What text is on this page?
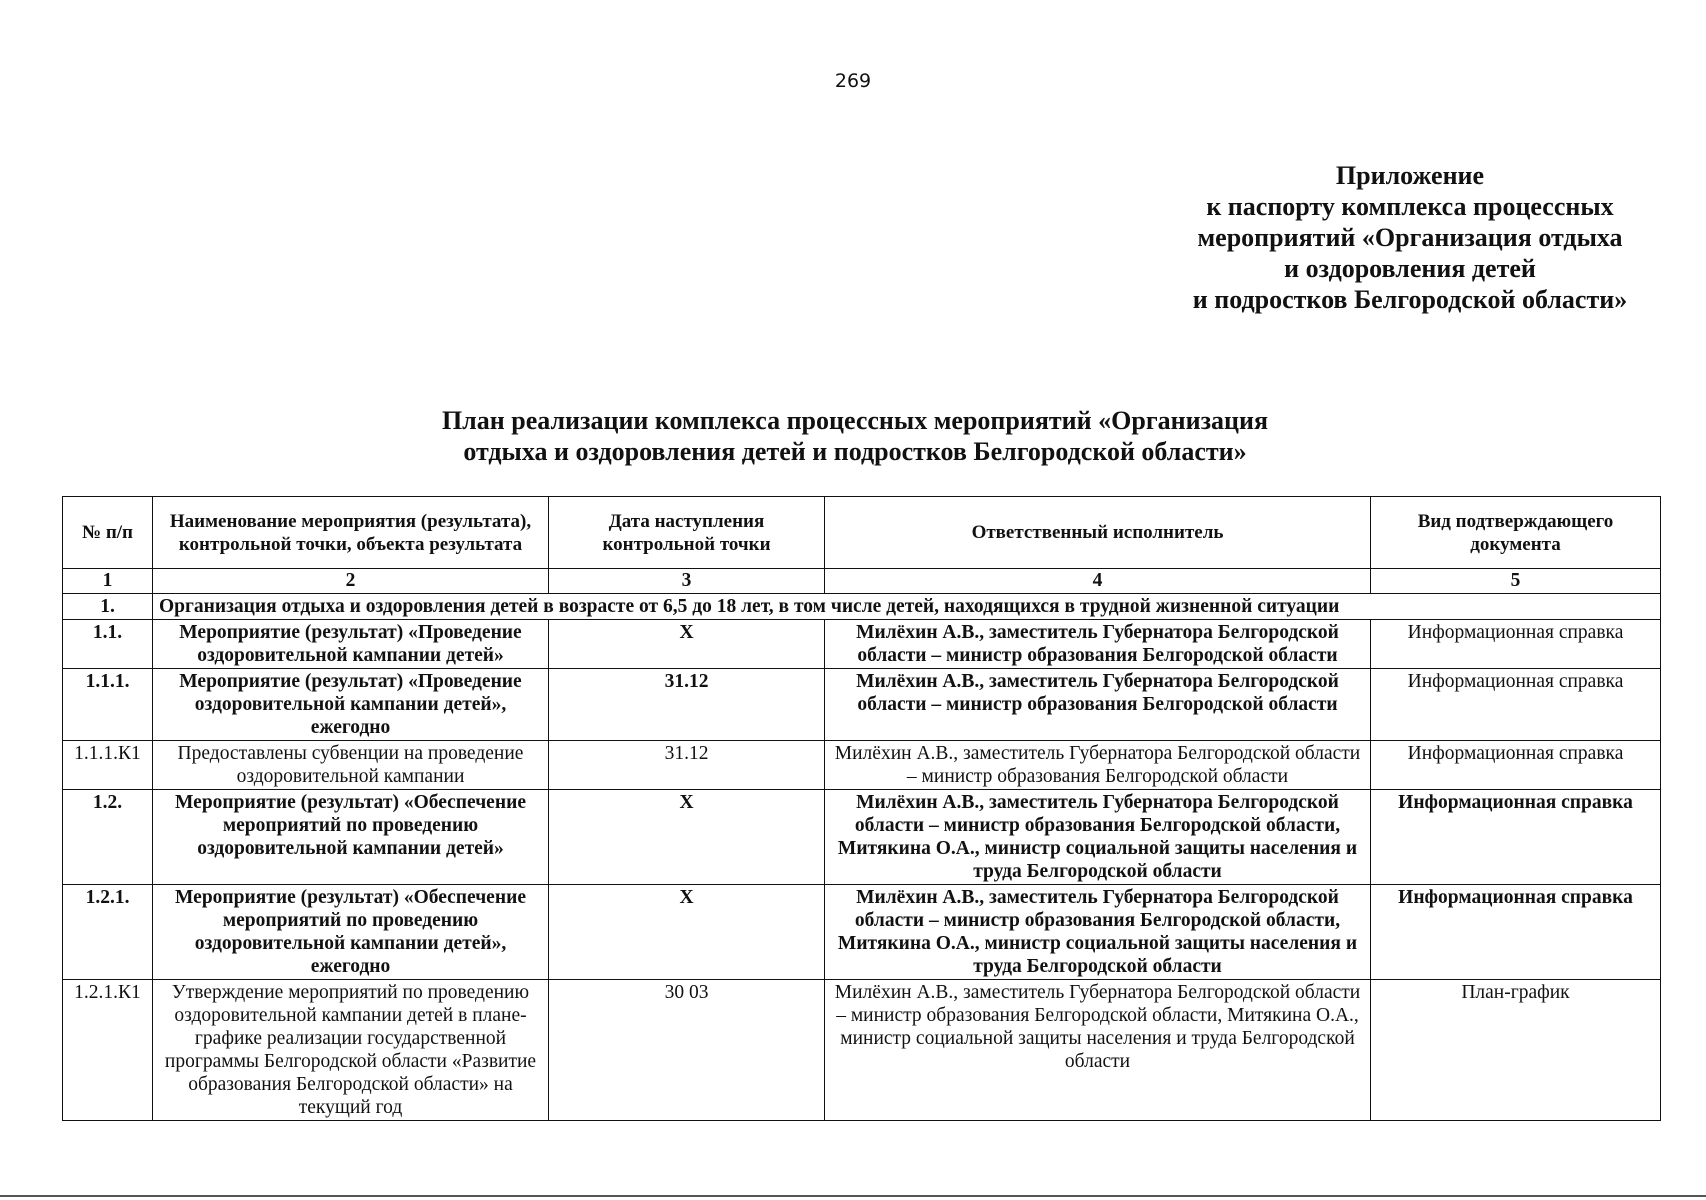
269
Приложение
к паспорту комплекса процессных
мероприятий «Организация отдыха
и оздоровления детей
и подростков Белгородской области»
План реализации комплекса процессных мероприятий «Организация
отдыха и оздоровления детей и подростков Белгородской области»
№ п/п	Наименование мероприятия (результата), контрольной точки, объекта результата	Дата наступления контрольной точки	Ответственный исполнитель	Вид подтверждающего документа
1	2	3	4	5
1.	Организация отдыха и оздоровления детей в возрасте от 6,5 до 18 лет, в том числе детей, находящихся в трудной жизненной ситуации			
1.1.	Мероприятие (результат) «Проведение оздоровительной кампании детей»	Х	Милёхин А.В., заместитель Губернатора Белгородской области – министр образования Белгородской области	Информационная справка
1.1.1.	Мероприятие (результат) «Проведение оздоровительной кампании детей», ежегодно	31.12	Милёхин А.В., заместитель Губернатора Белгородской области – министр образования Белгородской области	Информационная справка
1.1.1.К1	Предоставлены субвенции на проведение оздоровительной кампании	31.12	Милёхин А.В., заместитель Губернатора Белгородской области – министр образования Белгородской области	Информационная справка
1.2.	Мероприятие (результат) «Обеспечение мероприятий по проведению оздоровительной кампании детей»	Х	Милёхин А.В., заместитель Губернатора Белгородской области – министр образования Белгородской области, Митякина О.А., министр социальной защиты населения и труда Белгородской области	Информационная справка
1.2.1.	Мероприятие (результат) «Обеспечение мероприятий по проведению оздоровительной кампании детей», ежегодно	Х	Милёхин А.В., заместитель Губернатора Белгородской области – министр образования Белгородской области, Митякина О.А., министр социальной защиты населения и труда Белгородской области	Информационная справка
1.2.1.К1	Утверждение мероприятий по проведению оздоровительной кампании детей в плане-графике реализации государственной программы Белгородской области «Развитие образования Белгородской области» на текущий год	30 03	Милёхин А.В., заместитель Губернатора Белгородской области – министр образования Белгородской области, Митякина О.А., министр социальной защиты населения и труда Белгородской области	План-график
